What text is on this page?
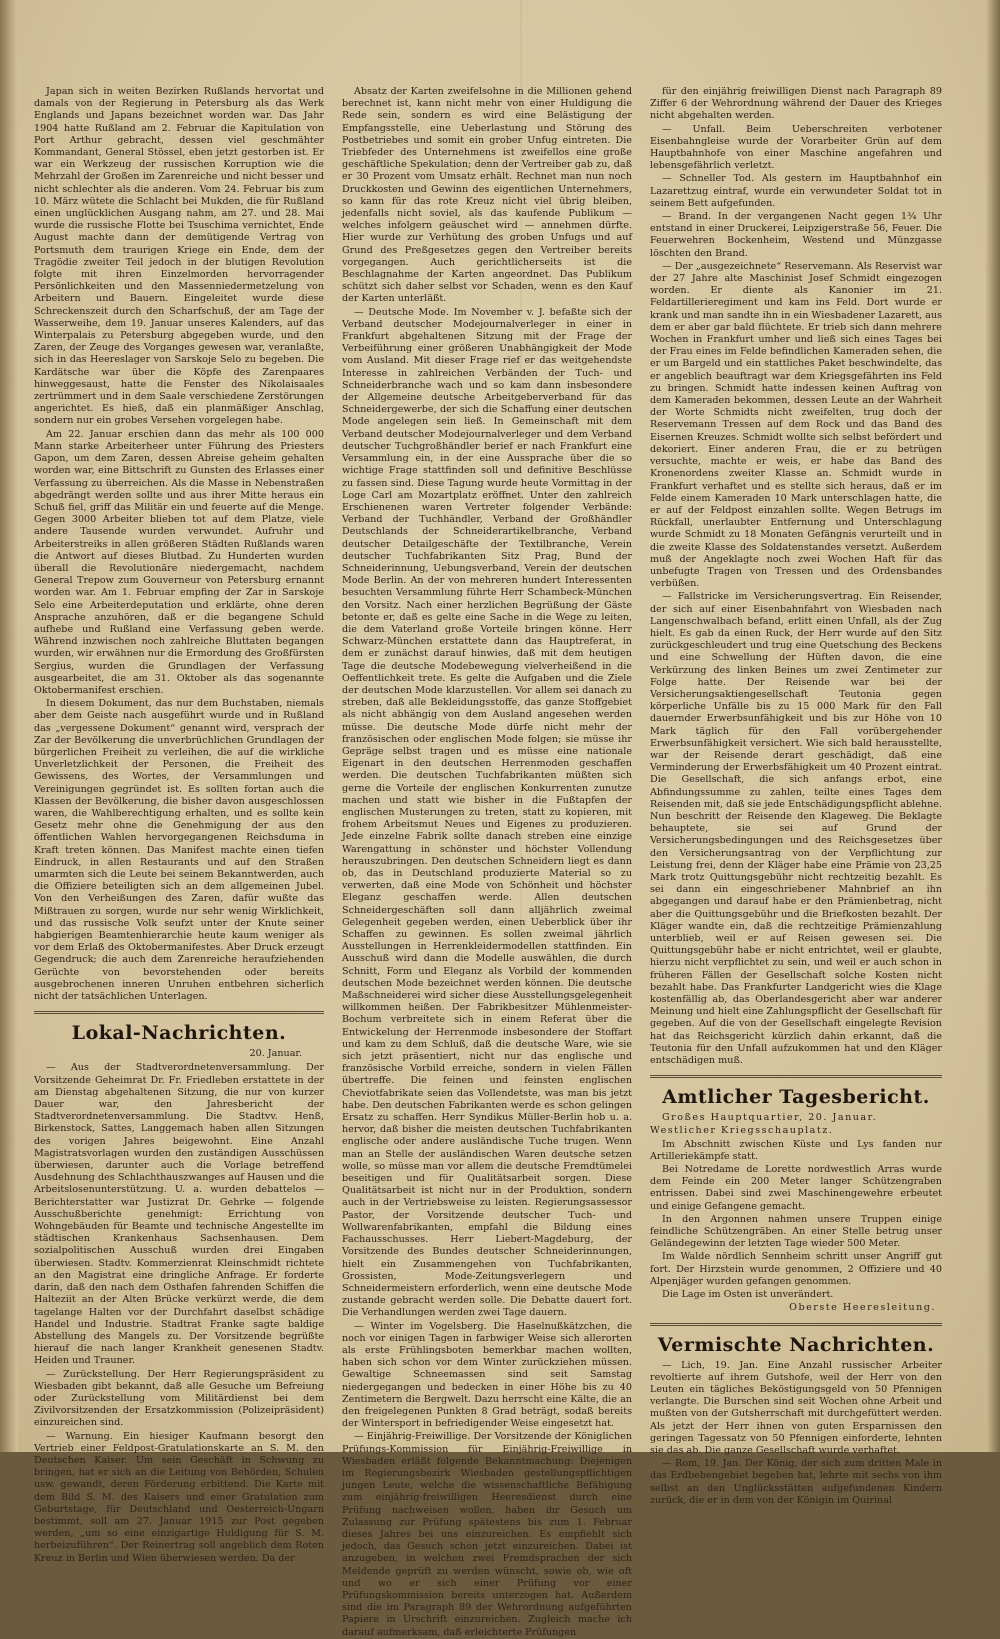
Japan sich in weiten Bezirken Rußlands hervortat und damals von der Regierung in Petersburg als das Werk Englands und Japans bezeichnet worden war. Das Jahr 1904 hatte Rußland am 2. Februar die Kapitulation von Port Arthur gebracht, dessen viel geschmähter Kommandant, General Stössel, eben jetzt gestorben ist. Er war ein Werkzeug der russischen Korruption wie die Mehrzahl der Großen im Zarenreiche und nicht besser und nicht schlechter als die anderen. Vom 24. Februar bis zum 10. März wütete die Schlacht bei Mukden, die für Rußland einen unglücklichen Ausgang nahm, am 27. und 28. Mai wurde die russische Flotte bei Tsuschima vernichtet, Ende August machte dann der demütigende Vertrag von Portsmuth dem traurigen Kriege ein Ende, dem der Tragödie zweiter Teil jedoch in der blutigen Revolution folgte mit ihren Einzelmorden hervorragender Persönlichkeiten und den Massenniedermetzelung von Arbeitern und Bauern. Eingeleitet wurde diese Schreckenszeit durch den Scharfschuß, der am Tage der Wasserweihe, dem 19. Januar unseres Kalenders, auf das Winterpalais zu Petersburg abgegeben wurde, und den Zaren, der Zeuge des Vorganges gewesen war, veranlaßte, sich in das Heereslager von Sarskoje Selo zu begeben. Die Kardätsche war über die Köpfe des Zarenpaares hinweggesaust, hatte die Fenster des Nikolaisaales zertrümmert und in dem Saale verschiedene Zerstörungen angerichtet. Es hieß, daß ein planmäßiger Anschlag, sondern nur ein grobes Versehen vorgelegen habe.

Am 22. Januar erschien dann das mehr als 100 000 Mann starke Arbeiterheer unter Führung des Priesters Gapon, um dem Zaren, dessen Abreise geheim gehalten worden war, eine Bittschrift zu Gunsten des Erlasses einer Verfassung zu überreichen. Als die Masse in Nebenstraßen abgedrängt werden sollte und aus ihrer Mitte heraus ein Schuß fiel, griff das Militär ein und feuerte auf die Menge. Gegen 3000 Arbeiter blieben tot auf dem Platze, viele andere Tausende wurden verwundet. Aufruhr und Arbeiterstreiks in allen größeren Städten Rußlands waren die Antwort auf dieses Blutbad. Zu Hunderten wurden überall die Revolutionäre niedergemacht, nachdem General Trepow zum Gouverneur von Petersburg ernannt worden war. Am 1. Februar empfing der Zar in Sarskoje Selo eine Arbeiterdeputation und erklärte, ohne deren Ansprache anzuhören, daß er die begangene Schuld aufhebe und Rußland eine Verfassung geben werde. Während inzwischen noch zahlreiche Bluttaten begangen wurden, wir erwähnen nur die Ermordung des Großfürsten Sergius, wurden die Grundlagen der Verfassung ausgearbeitet, die am 31. Oktober als das sogenannte Oktobermanifest erschien.

In diesem Dokument, das nur dem Buchstaben, niemals aber dem Geiste nach ausgeführt wurde und in Rußland das „vergessene Dokument“ genannt wird, versprach der Zar der Bevölkerung die unverbrüchlichen Grundlagen der bürgerlichen Freiheit zu verleihen, die auf die wirkliche Unverletzlichkeit der Personen, die Freiheit des Gewissens, des Wortes, der Versammlungen und Vereinigungen gegründet ist. Es sollten fortan auch die Klassen der Bevölkerung, die bisher davon ausgeschlossen waren, die Wahlberechtigung erhalten, und es sollte kein Gesetz mehr ohne die Genehmigung der aus den öffentlichen Wahlen hervorgegangenen Reichsduma in Kraft treten können. Das Manifest machte einen tiefen Eindruck, in allen Restaurants und auf den Straßen umarmten sich die Leute bei seinem Bekanntwerden, auch die Offiziere beteiligten sich an dem allgemeinen Jubel. Von den Verheißungen des Zaren, dafür wußte das Mißtrauen zu sorgen, wurde nur sehr wenig Wirklichkeit, und das russische Volk seufzt unter der Knute seiner habgierigen Beamtenhierarchie heute kaum weniger als vor dem Erlaß des Oktobermanifestes. Aber Druck erzeugt Gegendruck; die auch dem Zarenreiche heraufziehenden Gerüchte von bevorstehenden oder bereits ausgebrochenen inneren Unruhen entbehren sicherlich nicht der tatsächlichen Unterlagen.

Lokal-Nachrichten.
20. Januar.

— Aus der Stadtverordnetenversammlung. Der Vorsitzende Geheimrat Dr. Fr. Friedleben erstattete in der am Dienstag abgehaltenen Sitzung, die nur von kurzer Dauer war, den Jahresbericht der Stadtverordnetenversammlung. Die Stadtvv. Henß, Birkenstock, Sattes, Langgemach haben allen Sitzungen des vorigen Jahres beigewohnt. Eine Anzahl Magistratsvorlagen wurden den zuständigen Ausschüssen überwiesen, darunter auch die Vorlage betreffend Ausdehnung des Schlachthauszwanges auf Hausen und die Arbeitslosenunterstützung. U. a. wurden debattelos — Berichterstatter war Justizrat Dr. Gehrke — folgende Ausschußberichte genehmigt: Errichtung von Wohngebäuden für Beamte und technische Angestellte im städtischen Krankenhaus Sachsenhausen. Dem sozialpolitischen Ausschuß wurden drei Eingaben überwiesen. Stadtv. Kommerzienrat Kleinschmidt richtete an den Magistrat eine dringliche Anfrage. Er forderte darin, daß den nach dem Osthafen fahrenden Schiffen die Halteziit an der Alten Brücke verkürzt werde, die dem tagelange Halten vor der Durchfahrt daselbst schädige Handel und Industrie. Stadtrat Franke sagte baldige Abstellung des Mangels zu. Der Vorsitzende begrüßte hierauf die nach langer Krankheit genesenen Stadtv. Heiden und Trauner.

— Zurückstellung. Der Herr Regierungspräsident zu Wiesbaden gibt bekannt, daß alle Gesuche um Befreiung oder Zurückstellung vom Militärdienst bei dem Zivilvorsitzenden der Ersatzkommission (Polizeipräsident) einzureichen sind.

— Warnung. Ein hiesiger Kaufmann besorgt den Vertrieb einer Feldpost-Gratulationskarte an S. M. den Deutschen Kaiser. Um sein Geschäft in Schwung zu bringen, hat er sich an die Leitung von Behörden, Schulen usw. gewandt, deren Förderung erbittend. Die Karte mit dem Bild S. M. des Kaisers und einer Gratulation zum Geburtstage, für Deutschland und Oesterreich-Ungarn bestimmt, soll am 27. Januar 1915 zur Post gegeben werden, „um so eine einzigartige Huldigung für S. M. herbeizuführen“. Der Reinertrag soll angeblich dem Roten Kreuz in Berlin und Wien überwiesen werden. Da der

Absatz der Karten zweifelsohne in die Millionen gehend berechnet ist, kann nicht mehr von einer Huldigung die Rede sein, sondern es wird eine Belästigung der Empfangsstelle, eine Ueberlastung und Störung des Postbetriebes und somit ein grober Unfug eintreten. Die Triebfeder des Unternehmens ist zweifellos eine große geschäftliche Spekulation; denn der Vertreiber gab zu, daß er 30 Prozent vom Umsatz erhält. Rechnet man nun noch Druckkosten und Gewinn des eigentlichen Unternehmers, so kann für das rote Kreuz nicht viel übrig bleiben, jedenfalls nicht soviel, als das kaufende Publikum — welches infolgern geäuschet wird — annehmen dürfte. Hier wurde zur Verhütung des groben Unfugs und auf Grund des Preßgesetzes gegen den Vertreiber bereits vorgegangen. Auch gerichtlicherseits ist die Beschlagnahme der Karten angeordnet. Das Publikum schützt sich daher selbst vor Schaden, wenn es den Kauf der Karten unterläßt.

— Deutsche Mode. Im November v. J. befaßte sich der Verband deutscher Modejournalverleger in einer in Frankfurt abgehaltenen Sitzung mit der Frage der Verbeiführung einer größeren Unabhängigkeit der Mode vom Ausland. Mit dieser Frage rief er das weitgehendste Interesse in zahlreichen Verbänden der Tuch- und Schneiderbranche wach und so kam dann insbesondere der Allgemeine deutsche Arbeitgeberverband für das Schneidergewerbe, der sich die Schaffung einer deutschen Mode angelegen sein ließ. In Gemeinschaft mit dem Verband deutscher Modejournalverleger und dem Verband deutscher Tuchgroßhändler berief er nach Frankfurt eine Versammlung ein, in der eine Aussprache über die so wichtige Frage stattfinden soll und definitive Beschlüsse zu fassen sind. Diese Tagung wurde heute Vormittag in der Loge Carl am Mozartplatz eröffnet. Unter den zahlreich Erschienenen waren Vertreter folgender Verbände: Verband der Tuchhändler, Verband der Großhändler Deutschlands der Schneiderartikelbranche, Verband deutscher Detailgeschäfte der Textilbranche, Verein deutscher Tuchfabrikanten Sitz Prag, Bund der Schneiderinnung, Uebungsverband, Verein der deutschen Mode Berlin. An der von mehreren hundert Interessenten besuchten Versammlung führte Herr Schambeck-München den Vorsitz. Nach einer herzlichen Begrüßung der Gäste betonte er, daß es gelte eine Sache in die Wege zu leiten, die dem Vaterland große Vorteile bringen könne. Herr Schwarz-München erstattete dann das Hauptreferat, in dem er zunächst darauf hinwies, daß mit dem heutigen Tage die deutsche Modebewegung vielverheißend in die Oeffentlichkeit trete. Es gelte die Aufgaben und die Ziele der deutschen Mode klarzustellen. Vor allem sei danach zu streben, daß alle Bekleidungsstoffe, das ganze Stoffgebiet als nicht abhängig von dem Ausland angesehen werden müsse. Die deutsche Mode dürfe nicht mehr der französischen oder englischen Mode folgen; sie müsse ihr Gepräge selbst tragen und es müsse eine nationale Eigenart in den deutschen Herrenmoden geschaffen werden. Die deutschen Tuchfabrikanten müßten sich gerne die Vorteile der englischen Konkurrenten zunutze machen und statt wie bisher in die Fußtapfen der englischen Musterungen zu treten, statt zu kopieren, mit frohem Arbeitsmut Neues und Eigenes zu produzieren. Jede einzelne Fabrik sollte danach streben eine einzige Warengattung in schönster und höchster Vollendung herauszubringen. Den deutschen Schneidern liegt es dann ob, das in Deutschland produzierte Material so zu verwerten, daß eine Mode von Schönheit und höchster Eleganz geschaffen werde. Allen deutschen Schneidergeschäften soll dann alljährlich zweimal Gelegenheit gegeben werden, einen Ueberblick über ihr Schaffen zu gewinnen. Es sollen zweimal jährlich Ausstellungen in Herrenkleidermodellen stattfinden. Ein Ausschuß wird dann die Modelle auswählen, die durch Schnitt, Form und Eleganz als Vorbild der kommenden deutschen Mode bezeichnet werden können. Die deutsche Maßschneiderei wird sicher diese Ausstellungsgelegenheit willkommen heißen. Der Fabrikbesitzer Mühlenmeister-Bochum verbreitete sich in einem Referat über die Entwickelung der Herrenmode insbesondere der Stoffart und kam zu dem Schluß, daß die deutsche Ware, wie sie sich jetzt präsentiert, nicht nur das englische und französische Vorbild erreiche, sondern in vielen Fällen übertreffe. Die feinen und feinsten englischen Cheviotfabrikate seien das Vollendetste, was man bis jetzt habe. Den deutschen Fabrikanten werde es schon gelingen Ersatz zu schaffen. Herr Syndikus Müller-Berlin hob u. a. hervor, daß bisher die meisten deutschen Tuchfabrikanten englische oder andere ausländische Tuche trugen. Wenn man an Stelle der ausländischen Waren deutsche setzen wolle, so müsse man vor allem die deutsche Fremdtümelei beseitigen und für Qualitätsarbeit sorgen. Diese Qualitätsarbeit ist nicht nur in der Produktion, sondern auch in der Vertriebsweise zu leisten. Regierungsassessor Pastor, der Vorsitzende deutscher Tuch- und Wollwarenfabrikanten, empfahl die Bildung eines Fachausschusses. Herr Liebert-Magdeburg, der Vorsitzende des Bundes deutscher Schneiderinnungen, hielt ein Zusammengehen von Tuchfabrikanten, Grossisten, Mode-Zeitungsverlegern und Schneidermeistern erforderlich, wenn eine deutsche Mode zustande gebracht werden solle. Die Debatte dauert fort. Die Verhandlungen werden zwei Tage dauern.

— Winter im Vogelsberg. Die Haselnußkätzchen, die noch vor einigen Tagen in farbwiger Weise sich allerorten als erste Frühlingsboten bemerkbar machen wollten, haben sich schon vor dem Winter zurückziehen müssen. Gewaltige Schneemassen sind seit Samstag niedergegangen und bedecken in einer Höhe bis zu 40 Zentimetern die Bergwelt. Dazu herrscht eine Kälte, die an den freigelegenen Punkten 8 Grad beträgt, sodaß bereits der Wintersport in befriedigender Weise eingesetzt hat.

— Einjährig-Freiwillige. Der Vorsitzende der Königlichen Prüfungs-Kommission für Einjährig-Freiwillige in Wiesbaden erläßt folgende Bekanntmachung: Diejenigen im Regierungsbezirk Wiesbaden gestellungspflichtigen jungen Leute, welche die wissenschaftliche Befähigung zum einjährig-freiwilligen Heeresdienst durch eine Prüfung nachweisen wollen, haben ihr Gesuch um Zulassung zur Prüfung spätestens bis zum 1. Februar dieses Jahres bei uns einzureichen. Es empfiehlt sich jedoch, das Gesuch schon jetzt einzureichen. Dabei ist anzugeben, in welchen zwei Fremdsprachen der sich Meldende geprüft zu werden wünscht, sowie ob, wie oft und wo er sich einer Prüfung vor einer Prüfungskommission bereits unterzogen hat. Außerdem sind die im Paragraph 89 der Wehrordnung aufgeführten Papiere in Urschrift einzureichen. Zugleich mache ich darauf aufmerksam, daß erleichterte Prüfungen

für den einjährig freiwilligen Dienst nach Paragraph 89 Ziffer 6 der Wehrordnung während der Dauer des Krieges nicht abgehalten werden.

— Unfall. Beim Ueberschreiten verbotener Eisenbahngleise wurde der Vorarbeiter Grün auf dem Hauptbahnhofe von einer Maschine angefahren und lebensgefährlich verletzt.

— Schneller Tod. Als gestern im Hauptbahnhof ein Lazarettzug eintraf, wurde ein verwundeter Soldat tot in seinem Bett aufgefunden.

— Brand. In der vergangenen Nacht gegen 1¾ Uhr entstand in einer Druckerei, Leipzigerstraße 56, Feuer. Die Feuerwehren Bockenheim, Westend und Münzgasse löschten den Brand.

— Der „ausgezeichnete“ Reservemann. Als Reservist war der 27 Jahre alte Maschinist Josef Schmidt eingezogen worden. Er diente als Kanonier im 21. Feldartillerieregiment und kam ins Feld. Dort wurde er krank und man sandte ihn in ein Wiesbadener Lazarett, aus dem er aber gar bald flüchtete. Er trieb sich dann mehrere Wochen in Frankfurt umher und ließ sich eines Tages bei der Frau eines im Felde befindlichen Kameraden sehen, die er um Bargeld und ein stattliches Paket beschwindelte, das er angeblich beauftragt war dem Kriegsgefährten ins Feld zu bringen. Schmidt hatte indessen keinen Auftrag von dem Kameraden bekommen, dessen Leute an der Wahrheit der Worte Schmidts nicht zweifelten, trug doch der Reservemann Tressen auf dem Rock und das Band des Eisernen Kreuzes. Schmidt wollte sich selbst befördert und dekoriert. Einer anderen Frau, die er zu betrügen versuchte, machte er weis, er habe das Band des Kronenordens zweiter Klasse an. Schmidt wurde in Frankfurt verhaftet und es stellte sich heraus, daß er im Felde einem Kameraden 10 Mark unterschlagen hatte, die er auf der Feldpost einzahlen sollte. Wegen Betrugs im Rückfall, unerlaubter Entfernung und Unterschlagung wurde Schmidt zu 18 Monaten Gefängnis verurteilt und in die zweite Klasse des Soldatenstandes versetzt. Außerdem muß der Angeklagte noch zwei Wochen Haft für das unbefugte Tragen von Tressen und des Ordensbandes verbüßen.

— Fallstricke im Versicherungsvertrag. Ein Reisender, der sich auf einer Eisenbahnfahrt von Wiesbaden nach Langenschwalbach befand, erlitt einen Unfall, als der Zug hielt. Es gab da einen Ruck, der Herr wurde auf den Sitz zurückgeschleudert und trug eine Quetschung des Beckens und eine Schwellung der Hüften davon, die eine Verkürzung des linken Beines um zwei Zentimeter zur Folge hatte. Der Reisende war bei der Versicherungsaktiengesellschaft Teutonia gegen körperliche Unfälle bis zu 15 000 Mark für den Fall dauernder Erwerbsunfähigkeit und bis zur Höhe von 10 Mark täglich für den Fall vorübergehender Erwerbsunfähigkeit versichert. Wie sich bald herausstellte, war der Reisende derart geschädigt, daß eine Verminderung der Erwerbsfähigkeit um 40 Prozent eintrat. Die Gesellschaft, die sich anfangs erbot, eine Abfindungssumme zu zahlen, teilte eines Tages dem Reisenden mit, daß sie jede Entschädigungspflicht ablehne. Nun beschritt der Reisende den Klageweg. Die Beklagte behauptete, sie sei auf Grund der Versicherungsbedingungen und des Reichsgesetzes über den Versicherungsantrag von der Verpflichtung zur Leistung frei, denn der Kläger habe eine Prämie von 23,25 Mark trotz Quittungsgebühr nicht rechtzeitig bezahlt. Es sei dann ein eingeschriebener Mahnbrief an ihn abgegangen und darauf habe er den Prämienbetrag, nicht aber die Quittungsgebühr und die Briefkosten bezahlt. Der Kläger wandte ein, daß die rechtzeitige Prämienzahlung unterblieb, weil er auf Reisen gewesen sei. Die Quittungsgebühr habe er nicht entrichtet, weil er glaubte, hierzu nicht verpflichtet zu sein, und weil er auch schon in früheren Fällen der Gesellschaft solche Kosten nicht bezahlt habe. Das Frankfurter Landgericht wies die Klage kostenfällig ab, das Oberlandesgericht aber war anderer Meinung und hielt eine Zahlungspflicht der Gesellschaft für gegeben. Auf die von der Gesellschaft eingelegte Revision hat das Reichsgericht kürzlich dahin erkannt, daß die Teutonia für den Unfall aufzukommen hat und den Kläger entschädigen muß.

Amtlicher Tagesbericht.

Großes Hauptquartier, 20. Januar.

Westlicher Kriegsschauplatz.

Im Abschnitt zwischen Küste und Lys fanden nur Artilleriekämpfe statt.

Bei Notredame de Lorette nordwestlich Arras wurde dem Feinde ein 200 Meter langer Schützengraben entrissen. Dabei sind zwei Maschinengewehre erbeutet und einige Gefangene gemacht.

In den Argonnen nahmen unsere Truppen einige feindliche Schützengräben. An einer Stelle betrug unser Geländegewinn der letzten Tage wieder 500 Meter.

Im Walde nördlich Sennheim schritt unser Angriff gut fort. Der Hirzstein wurde genommen, 2 Offiziere und 40 Alpenjäger wurden gefangen genommen.

Die Lage im Osten ist unverändert.

Oberste Heeresleitung.

Vermischte Nachrichten.

— Lich, 19. Jan. Eine Anzahl russischer Arbeiter revoltierte auf ihrem Gutshofe, weil der Herr von den Leuten ein tägliches Beköstigungsgeld von 50 Pfennigen verlangte. Die Burschen sind seit Wochen ohne Arbeit und mußten von der Gutsherrschaft mit durchgefüttert werden. Als jetzt der Herr ihnen von guten Ersparnissen den geringen Tagessatz von 50 Pfennigen einforderte, lehnten sie das ab. Die ganze Gesellschaft wurde verhaftet.

— Rom, 19. Jan. Der König, der sich zum dritten Male in das Erdbebengebiet begeben hat, lehrte mit sechs von ihm selbst an den Unglücksstätten aufgefundenen Kindern zurück, die er in dem von der Königin im Quirinal
